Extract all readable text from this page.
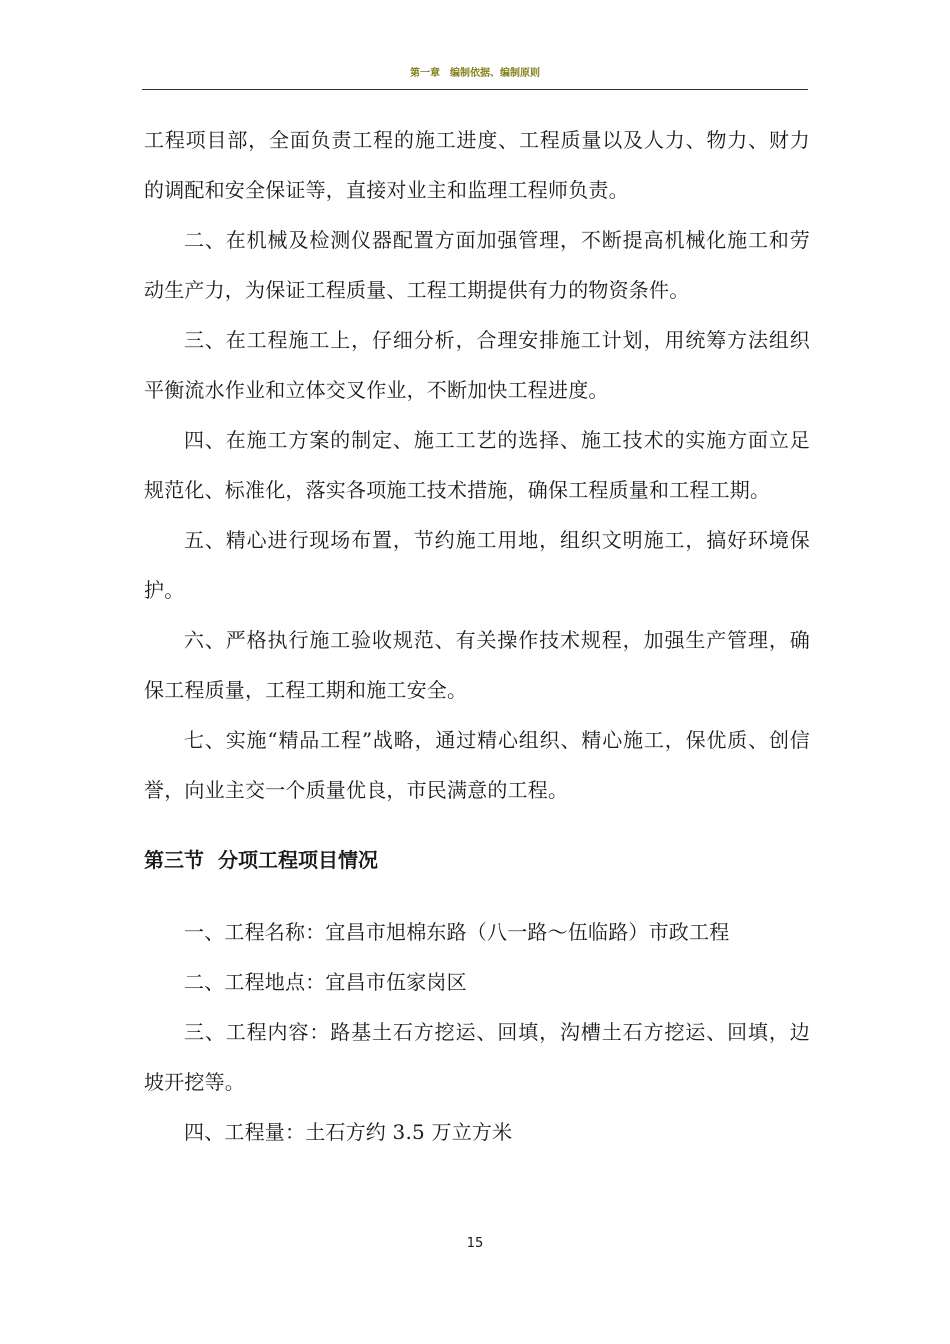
第一章　编制依据、编制原则

工程项目部，全面负责工程的施工进度、工程质量以及人力、物力、财力的调配和安全保证等，直接对业主和监理工程师负责。

二、在机械及检测仪器配置方面加强管理，不断提高机械化施工和劳动生产力，为保证工程质量、工程工期提供有力的物资条件。

三、在工程施工上，仔细分析，合理安排施工计划，用统筹方法组织平衡流水作业和立体交叉作业，不断加快工程进度。

四、在施工方案的制定、施工工艺的选择、施工技术的实施方面立足规范化、标准化，落实各项施工技术措施，确保工程质量和工程工期。

五、精心进行现场布置，节约施工用地，组织文明施工，搞好环境保护。

六、严格执行施工验收规范、有关操作技术规程，加强生产管理，确保工程质量，工程工期和施工安全。

七、实施“精品工程”战略，通过精心组织、精心施工，保优质、创信誉，向业主交一个质量优良，市民满意的工程。

第三节 分项工程项目情况

一、工程名称：宜昌市旭棉东路（八一路～伍临路）市政工程

二、工程地点：宜昌市伍家岗区

三、工程内容：路基土石方挖运、回填，沟槽土石方挖运、回填，边坡开挖等。

四、工程量：土石方约 3.5 万立方米

15
